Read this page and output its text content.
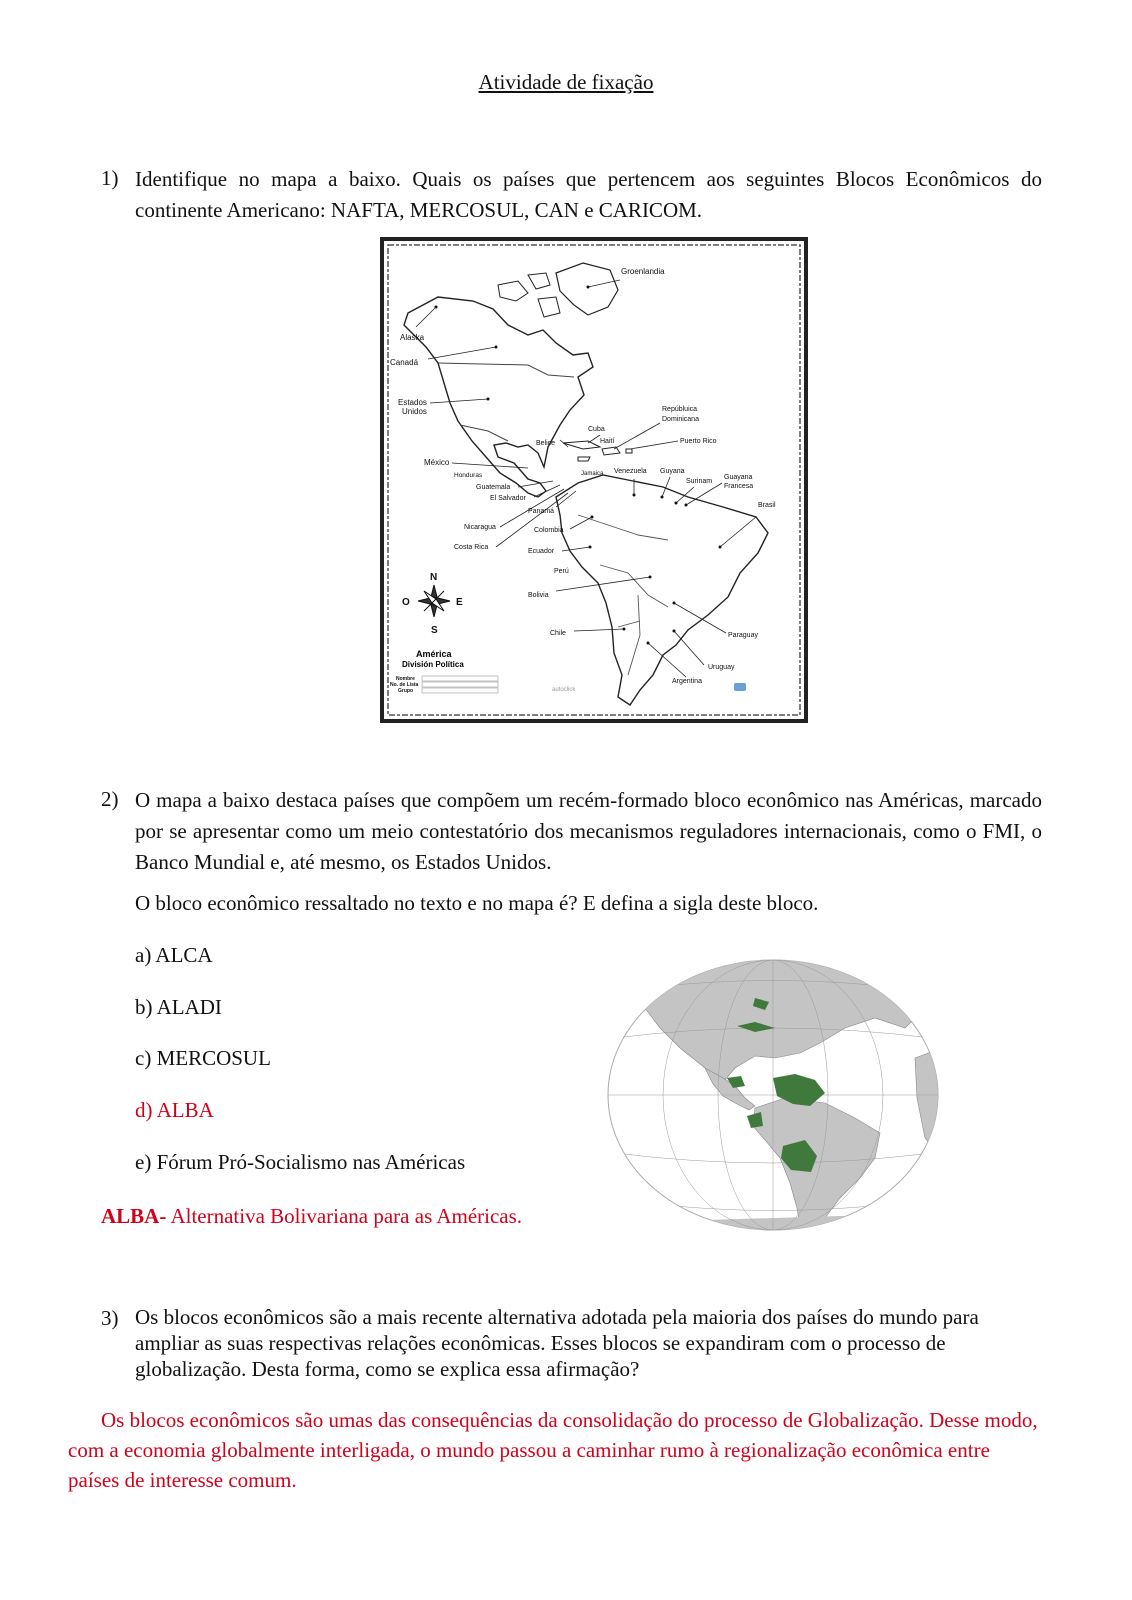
Atividade de fixação
1) Identifique no mapa a baixo. Quais os países que pertencem aos seguintes Blocos Econômicos do continente Americano: NAFTA, MERCOSUL, CAN e CARICOM.
Groenlandia
Alaska
Canadá
Estados
Unidos
México
Honduras
Guatemala
El Salvador
Nicaragua
Costa Rica
Belice
Cuba
Haití
Jamaica
Repúbluica
Dominicana
Puerto Rico
Venezuela Guyana
Surinam
Guayana
Francesa
Brasil
Panamá
Colombia
Ecuador
Perú
Bolivia
Chile	Paraguay
Uruguay
Argentina
N
S
E
O
América
División Política
Nombre
No. de Lista
Grupo	autoclick
2) O mapa a baixo destaca países que compõem um recém-formado bloco econômico nas Américas, marcado por se apresentar como um meio contestatório dos mecanismos reguladores internacionais, como o FMI, o Banco Mundial e, até mesmo, os Estados Unidos.
O bloco econômico ressaltado no texto e no mapa é? E defina a sigla deste bloco.
a) ALCA
b) ALADI
c) MERCOSUL
d) ALBA
e) Fórum Pró-Socialismo nas Américas
ALBA- Alternativa Bolivariana para as Américas.
3) Os blocos econômicos são a mais recente alternativa adotada pela maioria dos países do mundo para ampliar as suas respectivas relações econômicas. Esses blocos se expandiram com o processo de globalização. Desta forma, como se explica essa afirmação?
Os blocos econômicos são umas das consequências da consolidação do processo de Globalização. Desse modo, com a economia globalmente interligada, o mundo passou a caminhar rumo à regionalização econômica entre países de interesse comum.
